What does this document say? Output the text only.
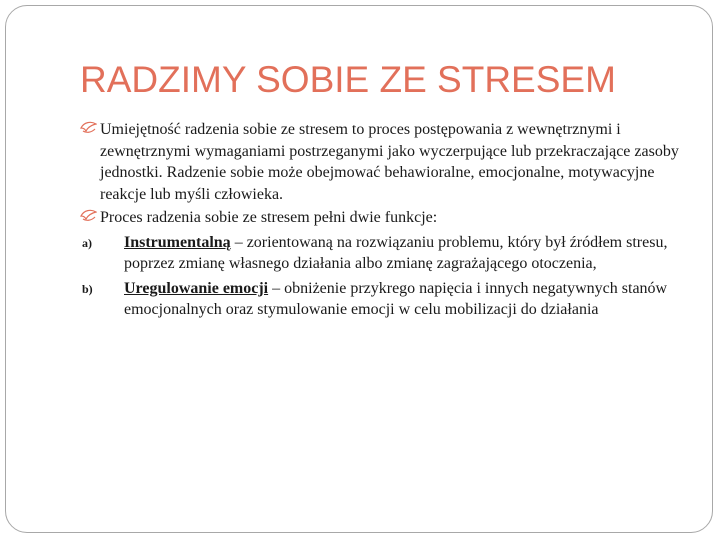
RADZIMY SOBIE ZE STRESEM

Umiejętność radzenia sobie ze stresem to proces postępowania z wewnętrznymi i zewnętrznymi wymaganiami postrzeganymi jako wyczerpujące lub przekraczające zasoby jednostki. Radzenie sobie może obejmować behawioralne, emocjonalne, motywacyjne reakcje lub myśli człowieka.

Proces radzenia sobie ze stresem pełni dwie funkcje:

a) Instrumentalną – zorientowaną na rozwiązaniu problemu, który był źródłem stresu, poprzez zmianę własnego działania albo zmianę zagrażającego otoczenia,

b) Uregulowanie emocji – obniżenie przykrego napięcia i innych negatywnych stanów emocjonalnych oraz stymulowanie emocji w celu mobilizacji do działania
